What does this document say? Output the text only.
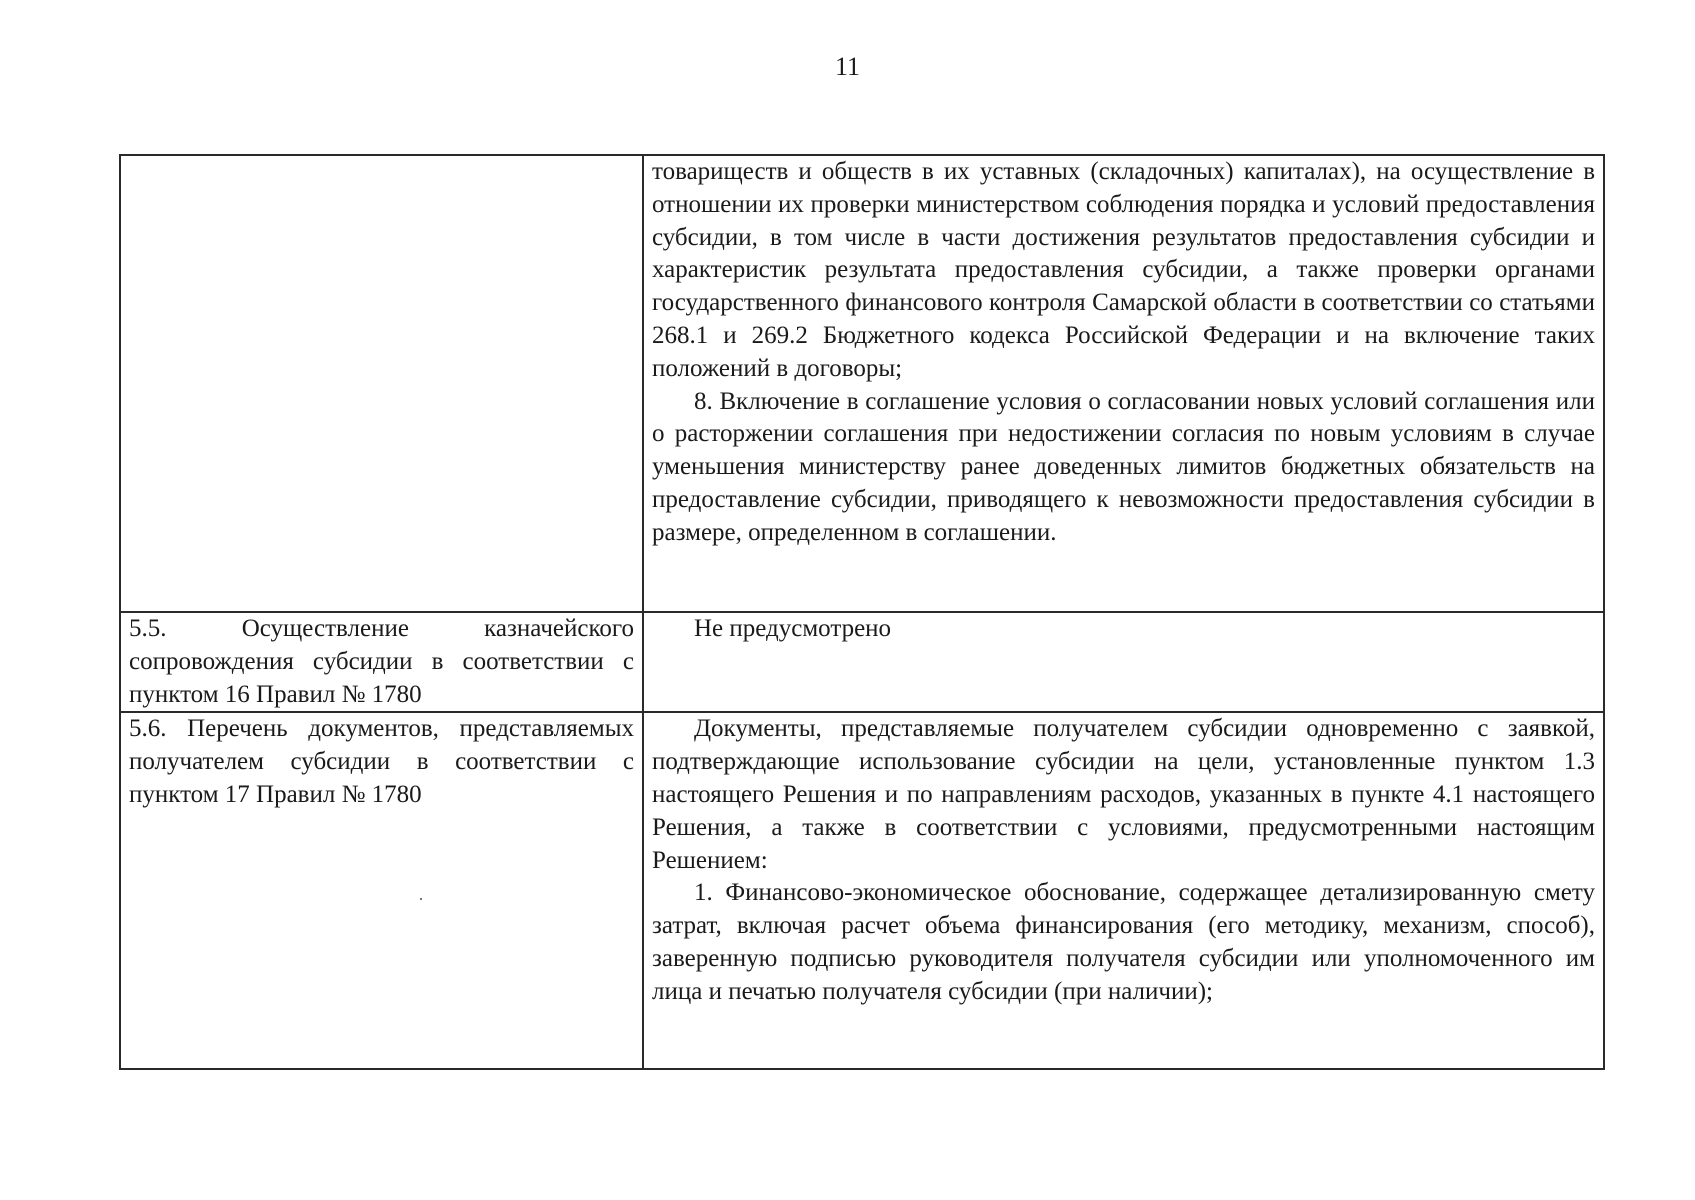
11

	товариществ и обществ в их уставных (складочных) капиталах), на осуществление в отношении их проверки министерством соблюдения порядка и условий предоставления субсидии, в том числе в части достижения результатов предоставления субсидии и характеристик результата предоставления субсидии, а также проверки органами государственного финансового контроля Самарской области в соответствии со статьями 268.1 и 269.2 Бюджетного кодекса Российской Федерации и на включение таких положений в договоры;

8. Включение в соглашение условия о согласовании новых условий соглашения или о расторжении соглашения при недостижении согласия по новым условиям в случае уменьшения министерству ранее доведенных лимитов бюджетных обязательств на предоставление субсидии, приводящего к невозможности предоставления субсидии в размере, определенном в соглашении.

5.5. Осуществление казначейского сопровождения субсидии в соответствии с пунктом 16 Правил № 1780	Не предусмотрено

5.6. Перечень документов, представляемых получателем субсидии в соответствии с пунктом 17 Правил № 1780	Документы, представляемые получателем субсидии одновременно с заявкой, подтверждающие использование субсидии на цели, установленные пунктом 1.3 настоящего Решения и по направлениям расходов, указанных в пункте 4.1 настоящего Решения, а также в соответствии с условиями, предусмотренными настоящим Решением:

1. Финансово-экономическое обоснование, содержащее детализированную смету затрат, включая расчет объема финансирования (его методику, механизм, способ), заверенную подписью руководителя получателя субсидии или уполномоченного им лица и печатью получателя субсидии (при наличии);
